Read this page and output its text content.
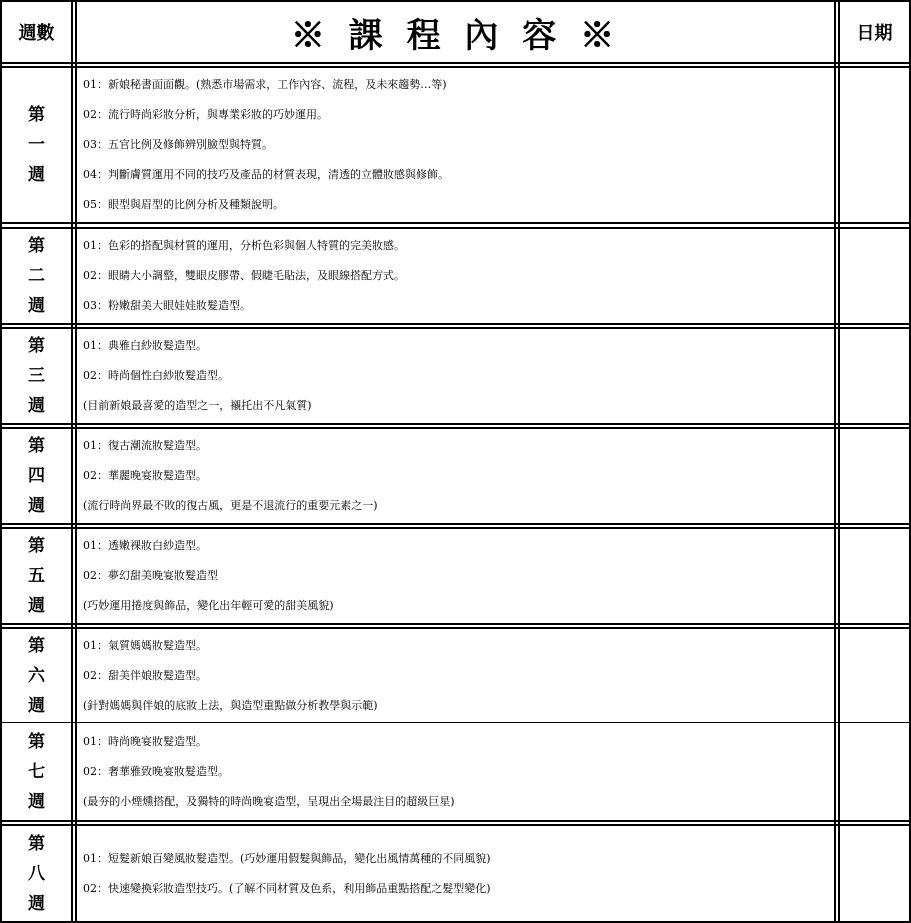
週數	※ 課 程 內 容 ※	日期
第
一
週
01：新娘秘書面面觀。(熟悉市場需求，工作內容、流程，及未來趨勢…等)
02：流行時尚彩妝分析，與專業彩妝的巧妙運用。
03：五官比例及修飾辨別臉型與特質。
04：判斷膚質運用不同的技巧及產品的材質表現，清透的立體妝感與修飾。
05：眼型與眉型的比例分析及種類說明。
第
二
週
01：色彩的搭配與材質的運用，分析色彩與個人特質的完美妝感。
02：眼睛大小調整，雙眼皮膠帶、假睫毛貼法，及眼線搭配方式。
03：粉嫩甜美大眼娃娃妝髮造型。
第
三
週
01：典雅白紗妝髮造型。
02：時尚個性白紗妝髮造型。
(目前新娘最喜愛的造型之一，襯托出不凡氣質)
第
四
週
01：復古潮流妝髮造型。
02：華麗晚宴妝髮造型。
(流行時尚界最不敗的復古風，更是不退流行的重要元素之一)
第
五
週
01：透嫩裸妝白紗造型。
02：夢幻甜美晚宴妝髮造型
(巧妙運用捲度與飾品，變化出年輕可愛的甜美風貌)
第
六
週
01：氣質媽媽妝髮造型。
02：甜美伴娘妝髮造型。
(針對媽媽與伴娘的底妝上法，與造型重點做分析教學與示範)
第
七
週
01：時尚晚宴妝髮造型。
02：奢華雅致晚宴妝髮造型。
(最夯的小煙燻搭配，及獨特的時尚晚宴造型，呈現出全場最注目的超級巨星)
第
八
週
01：短髮新娘百變風妝髮造型。(巧妙運用假髮與飾品，變化出風情萬種的不同風貌)
02：快速變換彩妝造型技巧。(了解不同材質及色系，利用飾品重點搭配之髮型變化)
